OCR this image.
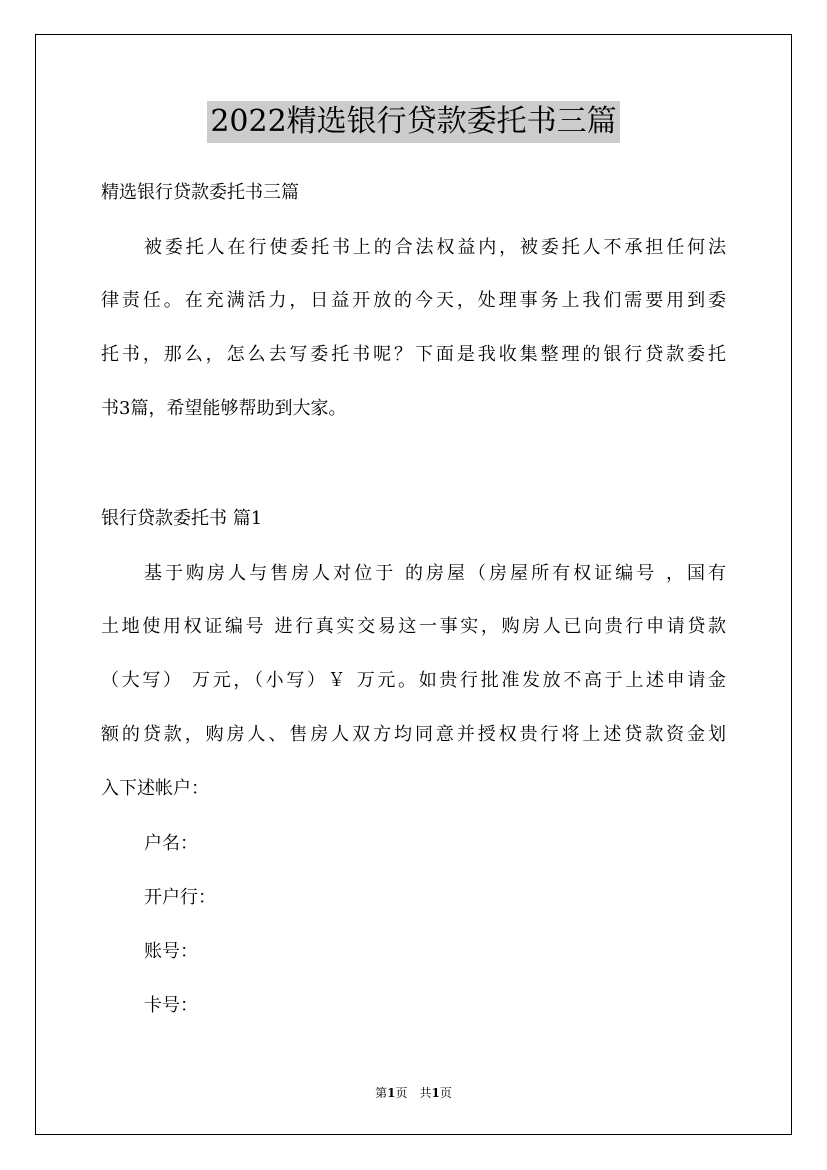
2022精选银行贷款委托书三篇
精选银行贷款委托书三篇
被委托人在行使委托书上的合法权益内，被委托人不承担任何法
律责任。在充满活力，日益开放的今天，处理事务上我们需要用到委
托书，那么，怎么去写委托书呢？下面是我收集整理的银行贷款委托
书3篇，希望能够帮助到大家。
银行贷款委托书 篇1
基于购房人与售房人对位于 的房屋（房屋所有权证编号 ，国有
土地使用权证编号 进行真实交易这一事实，购房人已向贵行申请贷款
（大写） 万元，（小写）￥ 万元。如贵行批准发放不高于上述申请金
额的贷款，购房人、售房人双方均同意并授权贵行将上述贷款资金划
入下述帐户：
户名：
开户行：
账号：
卡号：
第1页　共1页
